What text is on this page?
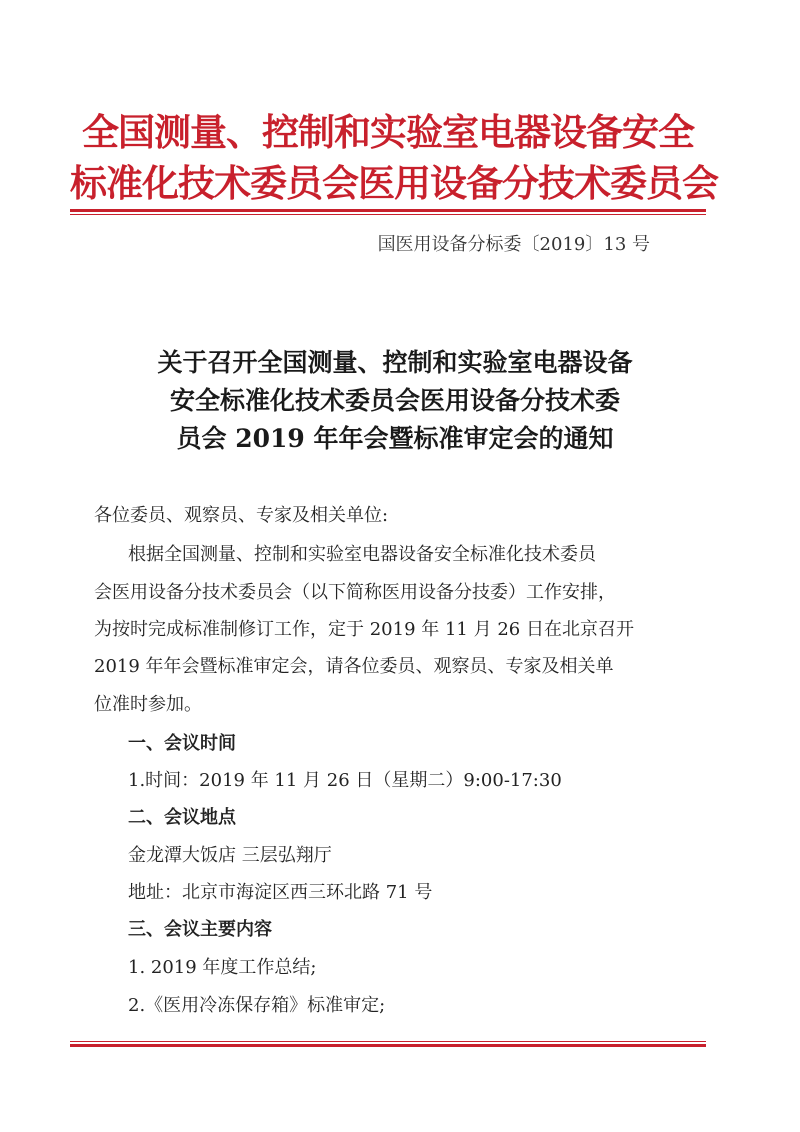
全国测量、控制和实验室电器设备安全
标准化技术委员会医用设备分技术委员会
国医用设备分标委〔2019〕13 号
关于召开全国测量、控制和实验室电器设备
安全标准化技术委员会医用设备分技术委
员会 2019 年年会暨标准审定会的通知
各位委员、观察员、专家及相关单位:
根据全国测量、控制和实验室电器设备安全标准化技术委员
会医用设备分技术委员会（以下简称医用设备分技委）工作安排，
为按时完成标准制修订工作，定于 2019 年 11 月 26 日在北京召开
2019 年年会暨标准审定会，请各位委员、观察员、专家及相关单
位准时参加。
一、会议时间
1.时间：2019 年 11 月 26 日（星期二）9:00-17:30
二、会议地点
金龙潭大饭店 三层弘翔厅
地址：北京市海淀区西三环北路 71 号
三、会议主要内容
1. 2019 年度工作总结;
2.《医用冷冻保存箱》标准审定;
